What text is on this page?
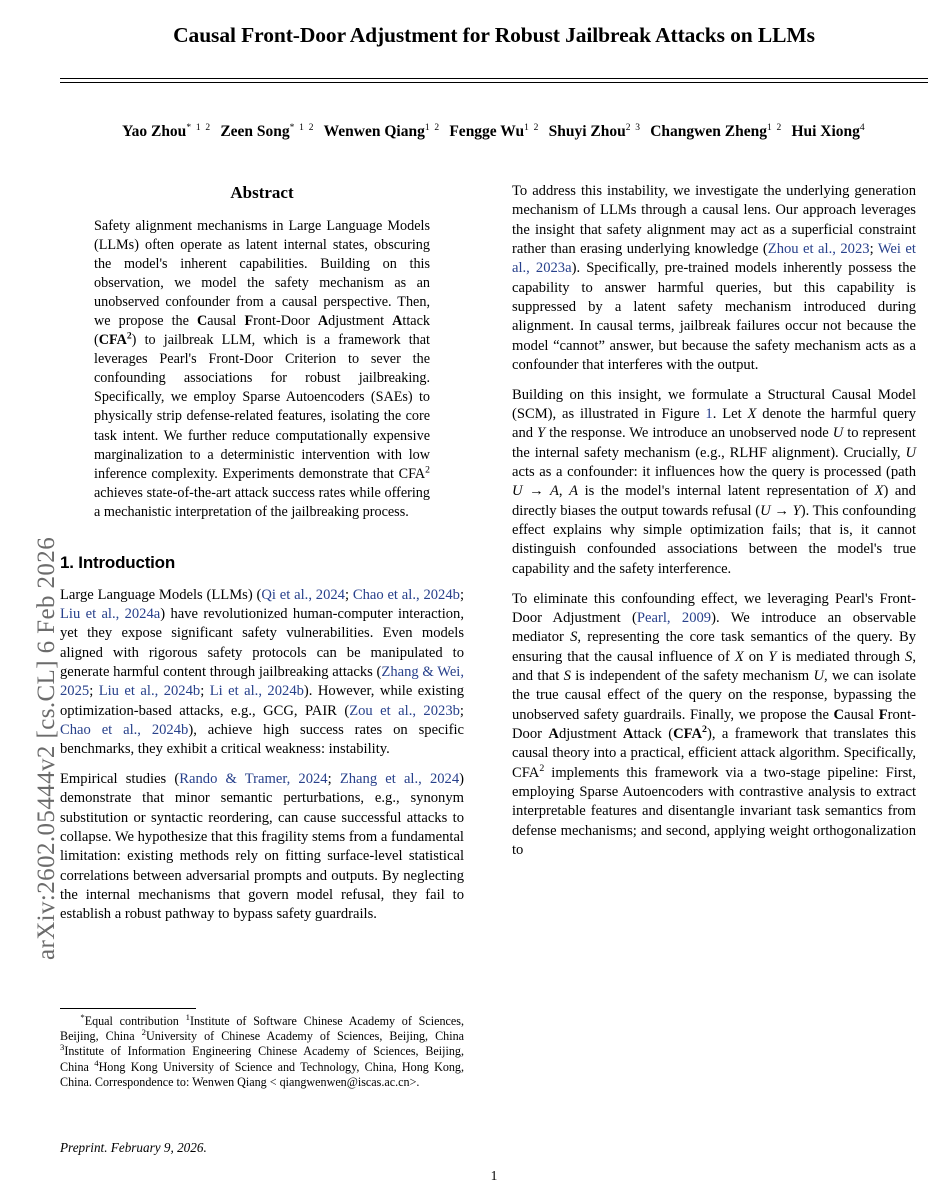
arXiv:2602.05444v2 [cs.CL] 6 Feb 2026
Causal Front-Door Adjustment for Robust Jailbreak Attacks on LLMs
Yao Zhou$^{* 1 2}$ Zeen Song$^{* 1 2}$ Wenwen Qiang$^{1 2}$ Fengge $Wu^{1 2}$ Shuyi Zhou$^{2 3}$ Changwen Zheng$^{1 2}$ Hui Xiong$^4$
Abstract
Safety alignment mechanisms in Large Language Models (LLMs) often operate as latent internal states, obscuring the model's inherent capabilities. Building on this observation, we model the safety mechanism as an unobserved confounder from a causal perspective. Then, we propose the Causal Front-Door Adjustment Attack (CFA$^2$) to jailbreak LLM, which is a framework that leverages Pearl's Front-Door Criterion to sever the confounding associations for robust jailbreaking. Specifically, we employ Sparse Autoencoders (SAEs) to physically strip defense-related features, isolating the core task intent. We further reduce computationally expensive marginalization to a deterministic intervention with low inference complexity. Experiments demonstrate that CFA$^2$ achieves state-of-the-art attack success rates while offering a mechanistic interpretation of the jailbreaking process.
1. Introduction

Large Language Models (LLMs) (Qi et al., 2024; Chao et al., 2024b; Liu et al., 2024a) have revolutionized human-computer interaction, yet they expose significant safety vulnerabilities. Even models aligned with rigorous safety protocols can be manipulated to generate harmful content through jailbreaking attacks (Zhang & Wei, 2025; Liu et al., 2024b; Li et al., 2024b). However, while existing optimization-based attacks, e.g., GCG, PAIR (Zou et al., 2023b; Chao et al., 2024b), achieve high success rates on specific benchmarks, they exhibit a critical weakness: instability.

Empirical studies (Rando & Tramer, 2024; Zhang et al., 2024) demonstrate that minor semantic perturbations, e.g., synonym substitution or syntactic reordering, can cause successful attacks to collapse. We hypothesize that this fragility stems from a fundamental limitation: existing methods rely on fitting surface-level statistical correlations between adversarial prompts and outputs. By neglecting the internal mechanisms that govern model refusal, they fail to establish a robust pathway to bypass safety guardrails.

To address this instability, we investigate the underlying generation mechanism of LLMs through a causal lens. Our approach leverages the insight that safety alignment may act as a superficial constraint rather than erasing underlying knowledge (Zhou et al., 2023; Wei et al., 2023a). Specifically, pre-trained models inherently possess the capability to answer harmful queries, but this capability is suppressed by a latent safety mechanism introduced during alignment. In causal terms, jailbreak failures occur not because the model “cannot” answer, but because the safety mechanism acts as a confounder that interferes with the output.

Building on this insight, we formulate a Structural Causal Model (SCM), as illustrated in Figure 1. Let X denote the harmful query and Y the response. We introduce an unobserved node U to represent the internal safety mechanism (e.g., RLHF alignment). Crucially, U acts as a confounder: it influences how the query is processed (path U → A, A is the model's internal latent representation of X) and directly biases the output towards refusal (U → Y). This confounding effect explains why simple optimization fails; that is, it cannot distinguish confounded associations between the model's true capability and the safety interference.

To eliminate this confounding effect, we leveraging Pearl's Front-Door Adjustment (Pearl, 2009). We introduce an observable mediator S, representing the core task semantics of the query. By ensuring that the causal influence of X on Y is mediated through S, and that S is independent of the safety mechanism U, we can isolate the true causal effect of the query on the response, bypassing the unobserved safety guardrails. Finally, we propose the Causal Front-Door Adjustment Attack (CFA$^2$), a framework that translates this causal theory into a practical, efficient attack algorithm. Specifically, CFA$^2$ implements this framework via a two-stage pipeline: First, employing Sparse Autoencoders with contrastive analysis to extract interpretable features and disentangle invariant task semantics from defense mechanisms; and second, applying weight orthogonalization to

*Equal contribution $^1$Institute of Software Chinese Academy of Sciences, Beijing, China $^2$University of Chinese Academy of Sciences, Beijing, China $^3$Institute of Information Engineering Chinese Academy of Sciences, Beijing, China $^4$Hong Kong University of Science and Technology, China, Hong Kong, China. Correspondence to: Wenwen Qiang < qiangwenwen@iscas.ac.cn>.
Preprint. February 9, 2026.
1
